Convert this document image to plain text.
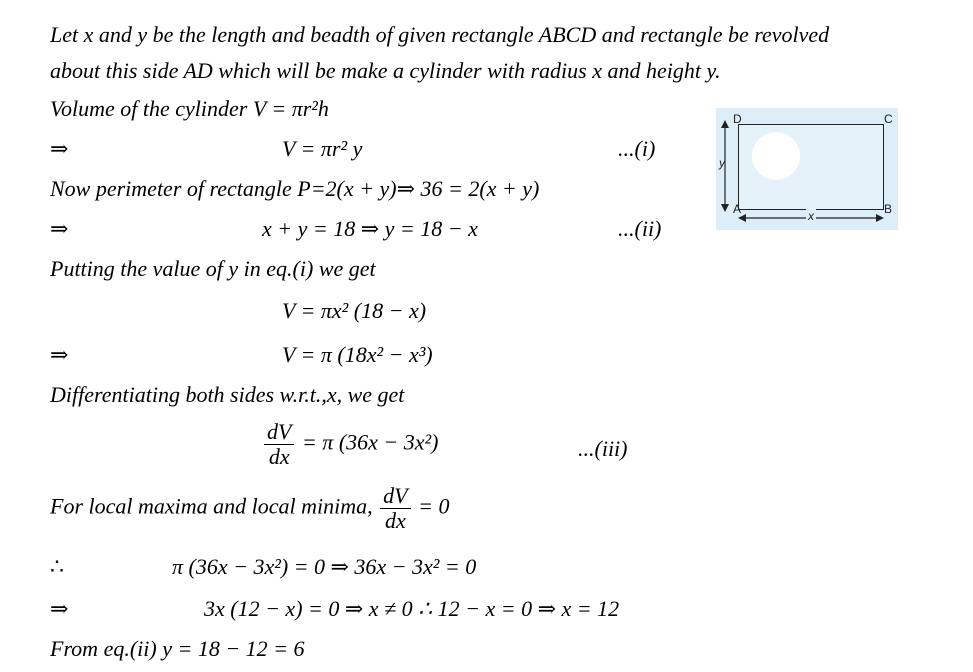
Let x and y be the length and beadth of given rectangle ABCD and rectangle be revolved
about this side AD which will be make a cylinder with radius x and height y.
Volume of the cylinder V = πr²h
⇒	V = πr² y	...(i)
Now perimeter of rectangle P=2(x + y)⇒ 36 = 2(x + y)
⇒	x + y = 18 ⇒ y = 18 − x	...(ii)
Putting the value of y in eq.(i) we get
V = πx² (18 − x)
⇒	V = π (18x² − x³)
Differentiating both sides w.r.t.,x, we get
$\frac{dV}{dx} = \pi$ (36x − 3x²)	...(iii)
For local maxima and local minima, $\frac{dV}{dx} = 0$
∴	π (36x − 3x²) = 0 ⇒ 36x − 3x² = 0
⇒	3x (12 − x) = 0 ⇒ x ≠ 0 ∴ 12 − x = 0 ⇒ x = 12
From eq.(ii) y = 18 − 12 = 6
D	C
A	B
y
x
